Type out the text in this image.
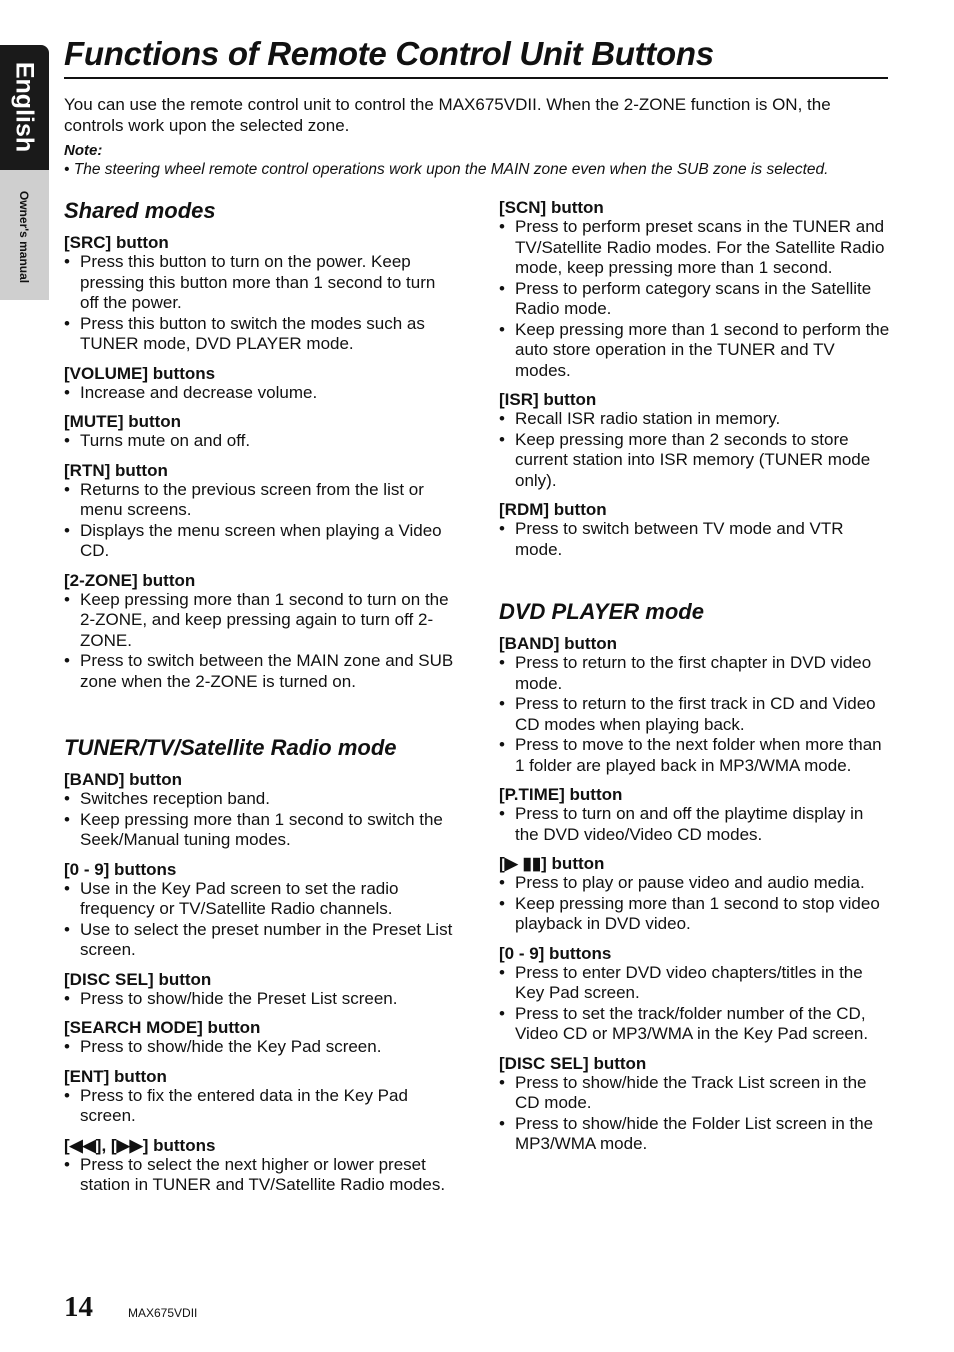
English
Owner's manual
Functions of Remote Control Unit Buttons
You can use the remote control unit to control the MAX675VDII. When the 2-ZONE function is ON, the controls work upon the selected zone.
Note:
• The steering wheel remote control operations work upon the MAIN zone even when the SUB zone is selected.
Shared modes
[SRC] button
• Press this button to turn on the power. Keep pressing this button more than 1 second to turn off the power.
• Press this button to switch the modes such as TUNER mode, DVD PLAYER mode.
[VOLUME] buttons
• Increase and decrease volume.
[MUTE] button
• Turns mute on and off.
[RTN] button
• Returns to the previous screen from the list or menu screens.
• Displays the menu screen when playing a Video CD.
[2-ZONE] button
• Keep pressing more than 1 second to turn on the 2-ZONE, and keep pressing again to turn off 2-ZONE.
• Press to switch between the MAIN zone and SUB zone when the 2-ZONE is turned on.
TUNER/TV/Satellite Radio mode
[BAND] button
• Switches reception band.
• Keep pressing more than 1 second to switch the Seek/Manual tuning modes.
[0 - 9] buttons
• Use in the Key Pad screen to set the radio frequency or TV/Satellite Radio channels.
• Use to select the preset number in the Preset List screen.
[DISC SEL] button
• Press to show/hide the Preset List screen.
[SEARCH MODE] button
• Press to show/hide the Key Pad screen.
[ENT] button
• Press to fix the entered data in the Key Pad screen.
[◀◀], [▶▶] buttons
• Press to select the next higher or lower preset station in TUNER and TV/Satellite Radio modes.
[SCN] button
• Press to perform preset scans in the TUNER and TV/Satellite Radio modes. For the Satellite Radio mode, keep pressing more than 1 second.
• Press to perform category scans in the Satellite Radio mode.
• Keep pressing more than 1 second to perform the auto store operation in the TUNER and TV modes.
[ISR] button
• Recall ISR radio station in memory.
• Keep pressing more than 2 seconds to store current station into ISR memory (TUNER mode only).
[RDM] button
• Press to switch between TV mode and VTR mode.
DVD PLAYER mode
[BAND] button
• Press to return to the first chapter in DVD video mode.
• Press to return to the first track in CD and Video CD modes when playing back.
• Press to move to the next folder when more than 1 folder are played back in MP3/WMA mode.
[P.TIME] button
• Press to turn on and off the playtime display in the DVD video/Video CD modes.
[▶ ▮▮] button
• Press to play or pause video and audio media.
• Keep pressing more than 1 second to stop video playback in DVD video.
[0 - 9] buttons
• Press to enter DVD video chapters/titles in the Key Pad screen.
• Press to set the track/folder number of the CD, Video CD or MP3/WMA in the Key Pad screen.
[DISC SEL] button
• Press to show/hide the Track List screen in the CD mode.
• Press to show/hide the Folder List screen in the MP3/WMA mode.
14	MAX675VDII
